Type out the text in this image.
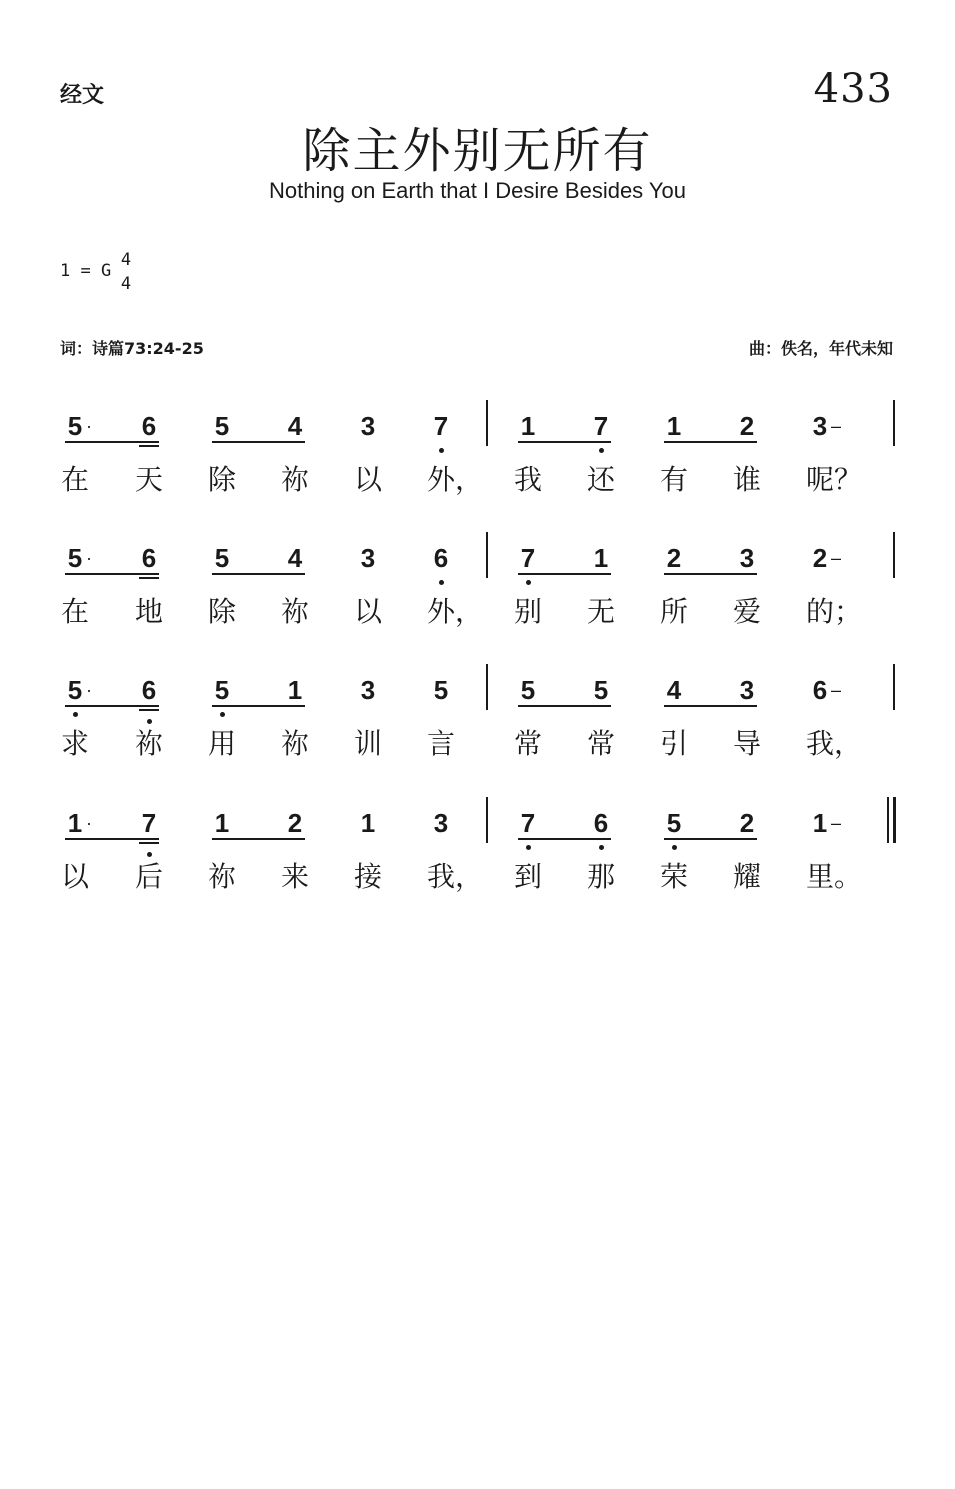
经文	433
除主外别无所有
Nothing on Earth that I Desire Besides You
1 = G
4
4
词：诗篇73:24-25	曲：佚名，年代未知
5 ·	6	5	4	3	7	1	7	1	2	3 –
在	天	除	祢	以	外， 我	还	有	谁	呢？
5 ·	6	5	4	3	6	7	1	2	3	2 –
在	地	除	祢	以	外， 别	无	所	爱	的；
5 ·	6	5	1	3	5	5	5	4	3	6 –
求	祢	用	祢	训	言	常	常	引	导	我，
1 ·	7	1	2	1	3	7	6	5	2	1 –
以	后	祢	来	接	我， 到	那	荣	耀	里。
